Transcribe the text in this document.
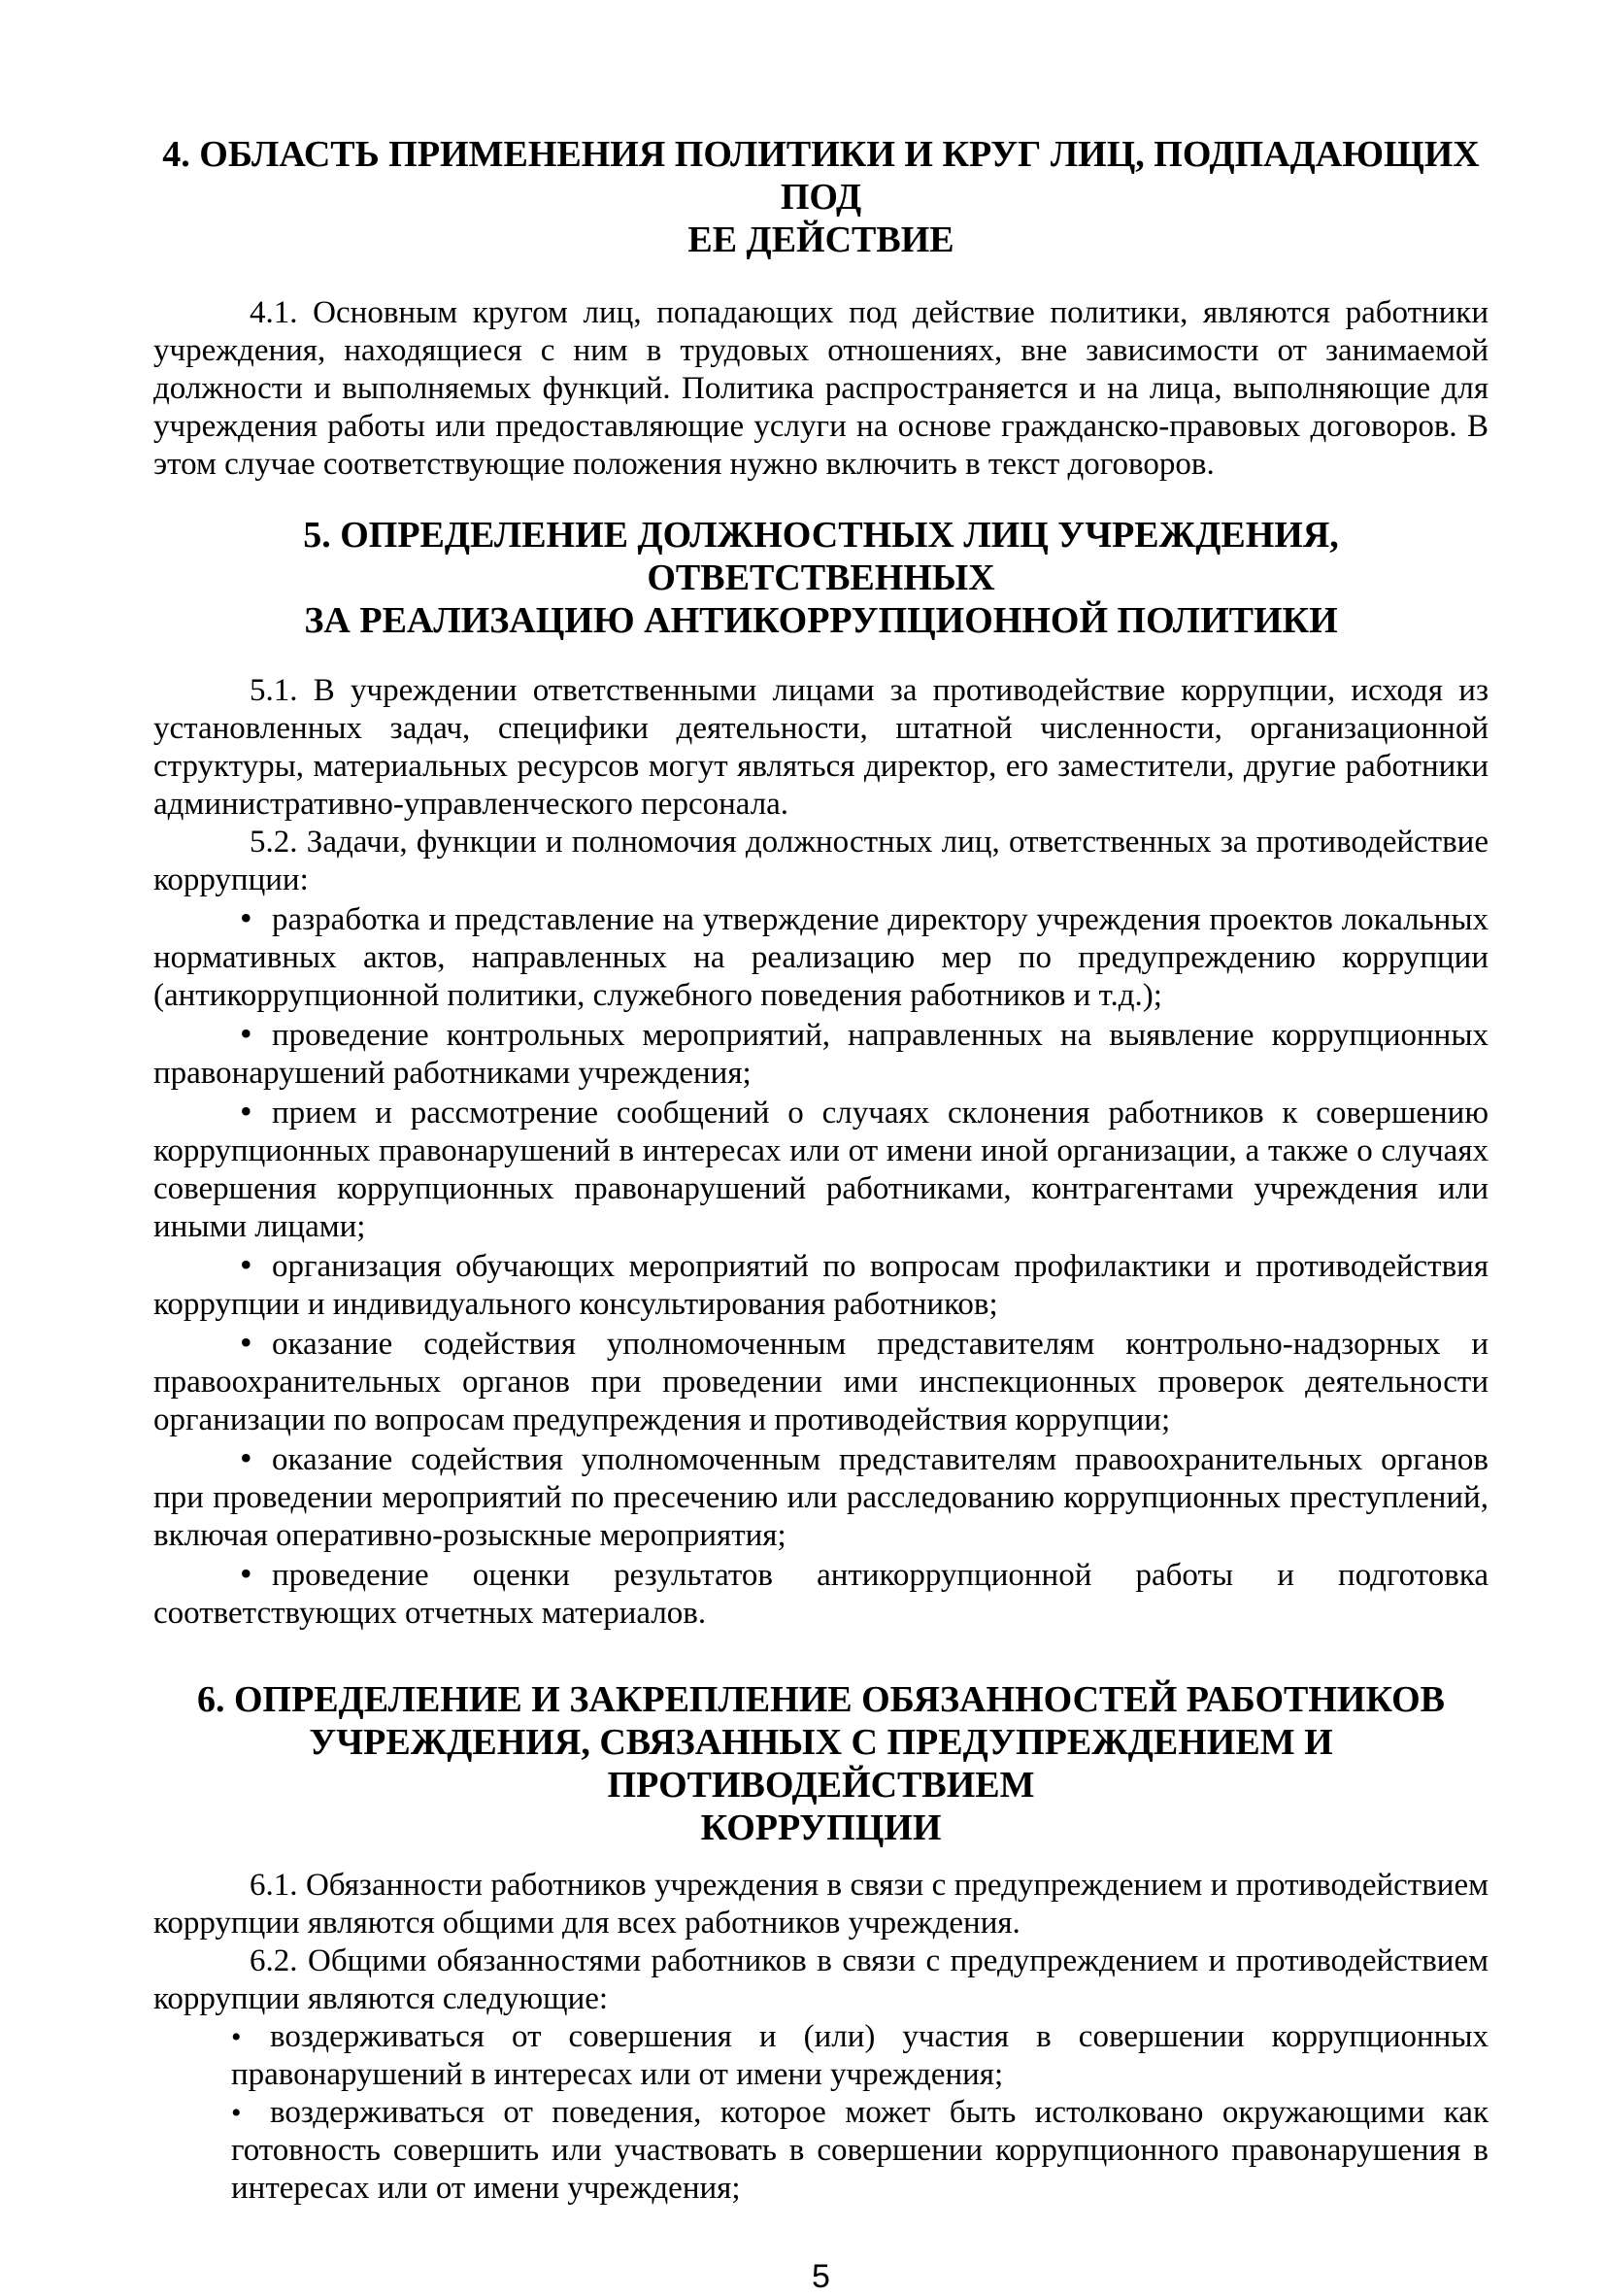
4. ОБЛАСТЬ ПРИМЕНЕНИЯ ПОЛИТИКИ И КРУГ ЛИЦ, ПОДПАДАЮЩИХ ПОД
ЕЕ ДЕЙСТВИЕ

4.1. Основным кругом лиц, попадающих под действие политики, являются работники учреждения, находящиеся с ним в трудовых отношениях, вне зависимости от занимаемой должности и выполняемых функций. Политика распространяется и на лица, выполняющие для учреждения работы или предоставляющие услуги на основе гражданско-правовых договоров. В этом случае соответствующие положения нужно включить в текст договоров.

5. ОПРЕДЕЛЕНИЕ ДОЛЖНОСТНЫХ ЛИЦ УЧРЕЖДЕНИЯ, ОТВЕТСТВЕННЫХ
ЗА РЕАЛИЗАЦИЮ АНТИКОРРУПЦИОННОЙ ПОЛИТИКИ

5.1. В учреждении ответственными лицами за противодействие коррупции, исходя из установленных задач, специфики деятельности, штатной численности, организационной структуры, материальных ресурсов могут являться директор, его заместители, другие работники административно-управленческого персонала.

5.2. Задачи, функции и полномочия должностных лиц, ответственных за противодействие коррупции:

• разработка и представление на утверждение директору учреждения проектов локальных нормативных актов, направленных на реализацию мер по предупреждению коррупции (антикоррупционной политики, служебного поведения работников и т.д.);

• проведение контрольных мероприятий, направленных на выявление коррупционных правонарушений работниками учреждения;

• прием и рассмотрение сообщений о случаях склонения работников к совершению коррупционных правонарушений в интересах или от имени иной организации, а также о случаях совершения коррупционных правонарушений работниками, контрагентами учреждения или иными лицами;

• организация обучающих мероприятий по вопросам профилактики и противодействия коррупции и индивидуального консультирования работников;

• оказание содействия уполномоченным представителям контрольно-надзорных и правоохранительных органов при проведении ими инспекционных проверок деятельности организации по вопросам предупреждения и противодействия коррупции;

• оказание содействия уполномоченным представителям правоохранительных органов при проведении мероприятий по пресечению или расследованию коррупционных преступлений, включая оперативно-розыскные мероприятия;

• проведение оценки результатов антикоррупционной работы и подготовка соответствующих отчетных материалов.

6. ОПРЕДЕЛЕНИЕ И ЗАКРЕПЛЕНИЕ ОБЯЗАННОСТЕЙ РАБОТНИКОВ
УЧРЕЖДЕНИЯ, СВЯЗАННЫХ С ПРЕДУПРЕЖДЕНИЕМ И ПРОТИВОДЕЙСТВИЕМ
КОРРУПЦИИ

6.1. Обязанности работников учреждения в связи с предупреждением и противодействием коррупции являются общими для всех работников учреждения.

6.2. Общими обязанностями работников в связи с предупреждением и противодействием коррупции являются следующие:

• воздерживаться от совершения и (или) участия в совершении коррупционных правонарушений в интересах или от имени учреждения;

• воздерживаться от поведения, которое может быть истолковано окружающими как готовность совершить или участвовать в совершении коррупционного правонарушения в интересах или от имени учреждения;

5
